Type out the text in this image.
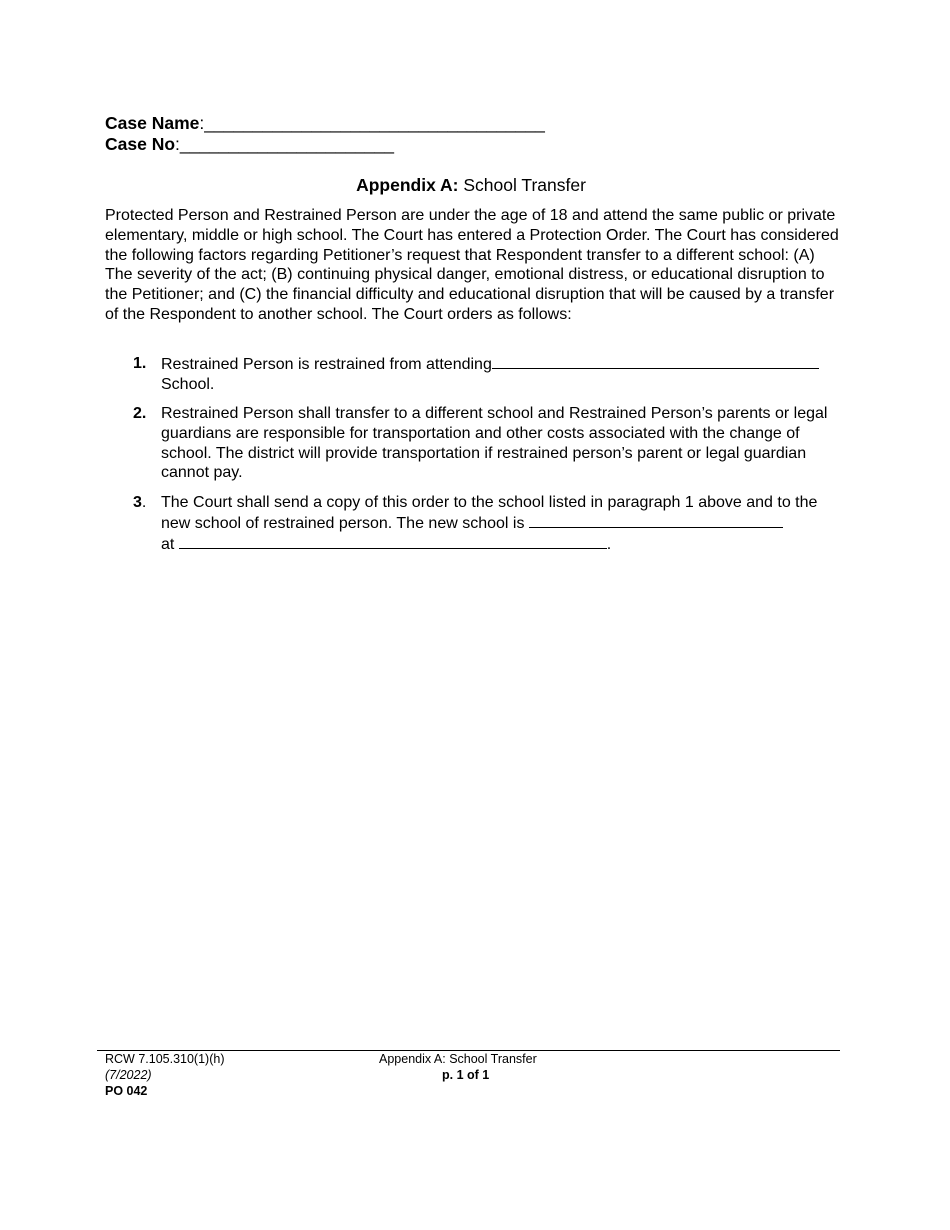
Case Name:___________________________________
Case No:______________________
Appendix A: School Transfer
Protected Person and Restrained Person are under the age of 18 and attend the same public or private elementary, middle or high school. The Court has entered a Protection Order. The Court has considered the following factors regarding Petitioner’s request that Respondent transfer to a different school: (A) The severity of the act; (B) continuing physical danger, emotional distress, or educational disruption to the Petitioner; and (C) the financial difficulty and educational disruption that will be caused by a transfer of the Respondent to another school. The Court orders as follows:
1. Restrained Person is restrained from attending
School.
2. Restrained Person shall transfer to a different school and Restrained Person’s parents or legal guardians are responsible for transportation and other costs associated with the change of school. The district will provide transportation if restrained person’s parent or legal guardian cannot pay.
3. The Court shall send a copy of this order to the school listed in paragraph 1 above and to the new school of restrained person. The new school is
at	.
RCW 7.105.310(1)(h)
(7/2022)
PO 042
Appendix A: School Transfer
p. 1 of 1
